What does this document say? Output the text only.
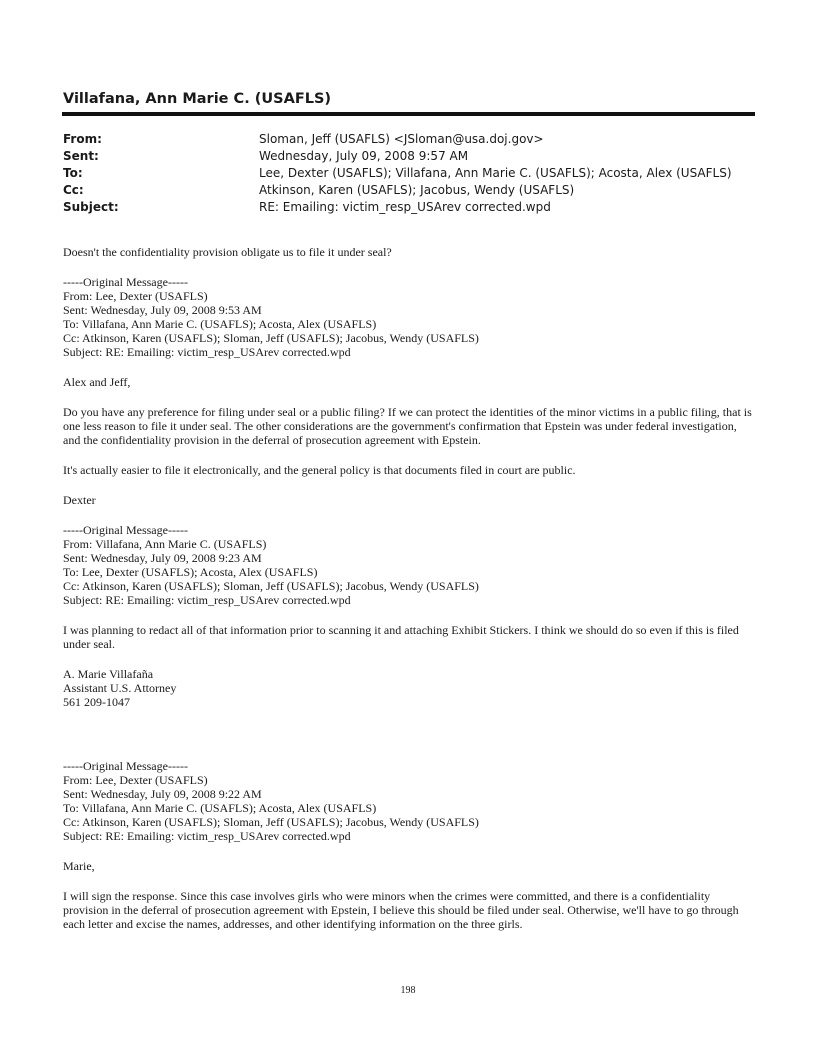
Villafana, Ann Marie C. (USAFLS)
From:	Sloman, Jeff (USAFLS) <JSloman@usa.doj.gov>
Sent:	Wednesday, July 09, 2008 9:57 AM
To:	Lee, Dexter (USAFLS); Villafana, Ann Marie C. (USAFLS); Acosta, Alex (USAFLS)
Cc:	Atkinson, Karen (USAFLS); Jacobus, Wendy (USAFLS)
Subject:	RE: Emailing: victim_resp_USArev corrected.wpd

Doesn't the confidentiality provision obligate us to file it under seal?

-----Original Message-----

From: Lee, Dexter (USAFLS)

Sent: Wednesday, July 09, 2008 9:53 AM

To: Villafana, Ann Marie C. (USAFLS); Acosta, Alex (USAFLS)

Cc: Atkinson, Karen (USAFLS); Sloman, Jeff (USAFLS); Jacobus, Wendy (USAFLS)

Subject: RE: Emailing: victim_resp_USArev corrected.wpd

Alex and Jeff,

Do you have any preference for filing under seal or a public filing? If we can protect the identities of the minor victims in a public filing, that is one less reason to file it under seal. The other considerations are the government's confirmation that Epstein was under federal investigation, and the confidentiality provision in the deferral of prosecution agreement with Epstein.

It's actually easier to file it electronically, and the general policy is that documents filed in court are public.

Dexter

-----Original Message-----

From: Villafana, Ann Marie C. (USAFLS)

Sent: Wednesday, July 09, 2008 9:23 AM

To: Lee, Dexter (USAFLS); Acosta, Alex (USAFLS)

Cc: Atkinson, Karen (USAFLS); Sloman, Jeff (USAFLS); Jacobus, Wendy (USAFLS)

Subject: RE: Emailing: victim_resp_USArev corrected.wpd

I was planning to redact all of that information prior to scanning it and attaching Exhibit Stickers. I think we should do so even if this is filed under seal.

A. Marie Villafaña

Assistant U.S. Attorney

561 209-1047

-----Original Message-----

From: Lee, Dexter (USAFLS)

Sent: Wednesday, July 09, 2008 9:22 AM

To: Villafana, Ann Marie C. (USAFLS); Acosta, Alex (USAFLS)

Cc: Atkinson, Karen (USAFLS); Sloman, Jeff (USAFLS); Jacobus, Wendy (USAFLS)

Subject: RE: Emailing: victim_resp_USArev corrected.wpd

Marie,

I will sign the response. Since this case involves girls who were minors when the crimes were committed, and there is a confidentiality provision in the deferral of prosecution agreement with Epstein, I believe this should be filed under seal. Otherwise, we'll have to go through each letter and excise the names, addresses, and other identifying information on the three girls.

198
